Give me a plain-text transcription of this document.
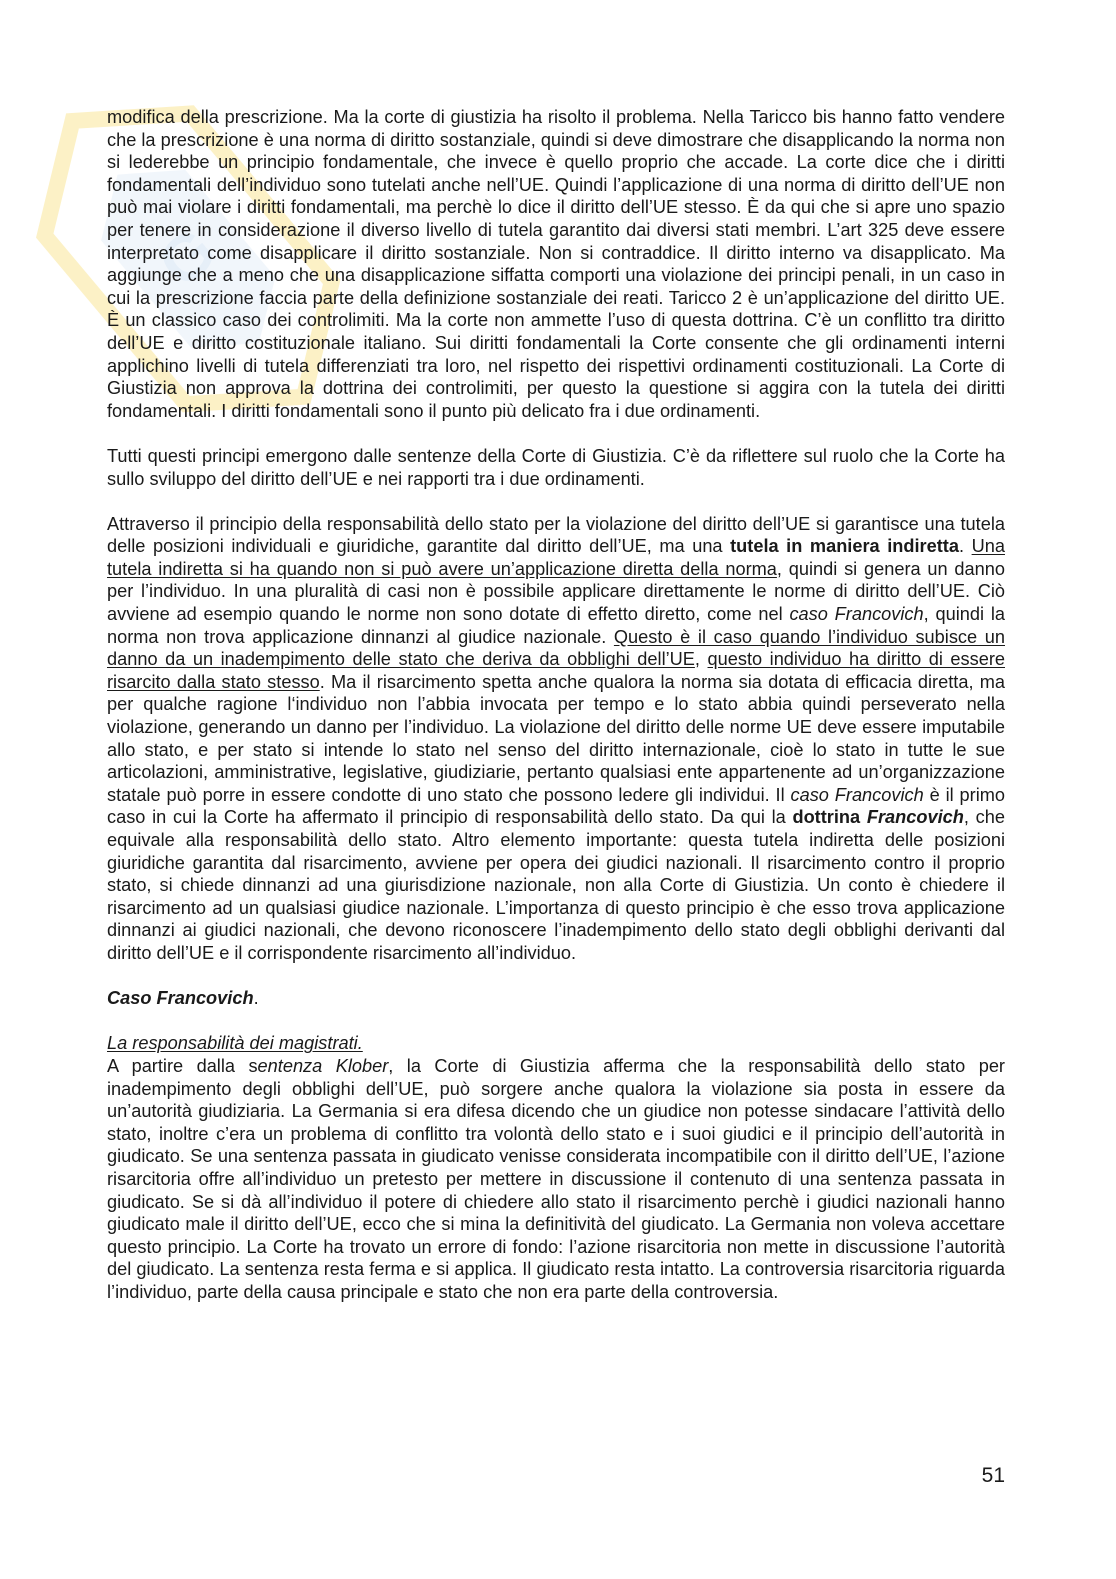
G

modifica della prescrizione. Ma la corte di giustizia ha risolto il problema. Nella Taricco bis hanno fatto vendere che la prescrizione è una norma di diritto sostanziale, quindi si deve dimostrare che disapplicando la norma non si lederebbe un principio fondamentale, che invece è quello proprio che accade. La corte dice che i diritti fondamentali dell’individuo sono tutelati anche nell’UE. Quindi l’applicazione di una norma di diritto dell’UE non può mai violare i diritti fondamentali, ma perchè lo dice il diritto dell’UE stesso. È da qui che si apre uno spazio per tenere in considerazione il diverso livello di tutela garantito dai diversi stati membri. L’art 325 deve essere interpretato come disapplicare il diritto sostanziale. Non si contraddice. Il diritto interno va disapplicato. Ma aggiunge che a meno che una disapplicazione siffatta comporti una violazione dei principi penali, in un caso in cui la prescrizione faccia parte della definizione sostanziale dei reati. Taricco 2 è un’applicazione del diritto UE. È un classico caso dei controlimiti. Ma la corte non ammette l’uso di questa dottrina. C’è un conflitto tra diritto dell’UE e diritto costituzionale italiano. Sui diritti fondamentali la Corte consente che gli ordinamenti interni applichino livelli di tutela differenziati tra loro, nel rispetto dei rispettivi ordinamenti costituzionali. La Corte di Giustizia non approva la dottrina dei controlimiti, per questo la questione si aggira con la tutela dei diritti fondamentali. I diritti fondamentali sono il punto più delicato fra i due ordinamenti.

Tutti questi principi emergono dalle sentenze della Corte di Giustizia. C’è da riflettere sul ruolo che la Corte ha sullo sviluppo del diritto dell’UE e nei rapporti tra i due ordinamenti.

Attraverso il principio della responsabilità dello stato per la violazione del diritto dell’UE si garantisce una tutela delle posizioni individuali e giuridiche, garantite dal diritto dell’UE, ma una tutela in maniera indiretta. Una tutela indiretta si ha quando non si può avere un’applicazione diretta della norma, quindi si genera un danno per l’individuo. In una pluralità di casi non è possibile applicare direttamente le norme di diritto dell’UE. Ciò avviene ad esempio quando le norme non sono dotate di effetto diretto, come nel caso Francovich, quindi la norma non trova applicazione dinnanzi al giudice nazionale. Questo è il caso quando l’individuo subisce un danno da un inadempimento delle stato che deriva da obblighi dell’UE, questo individuo ha diritto di essere risarcito dalla stato stesso. Ma il risarcimento spetta anche qualora la norma sia dotata di efficacia diretta, ma per qualche ragione l‘individuo non l’abbia invocata per tempo e lo stato abbia quindi perseverato nella violazione, generando un danno per l’individuo. La violazione del diritto delle norme UE deve essere imputabile allo stato, e per stato si intende lo stato nel senso del diritto internazionale, cioè lo stato in tutte le sue articolazioni, amministrative, legislative, giudiziarie, pertanto qualsiasi ente appartenente ad un’organizzazione statale può porre in essere condotte di uno stato che possono ledere gli individui. Il caso Francovich è il primo caso in cui la Corte ha affermato il principio di responsabilità dello stato. Da qui la dottrina Francovich, che equivale alla responsabilità dello stato. Altro elemento importante: questa tutela indiretta delle posizioni giuridiche garantita dal risarcimento, avviene per opera dei giudici nazionali. Il risarcimento contro il proprio stato, si chiede dinnanzi ad una giurisdizione nazionale, non alla Corte di Giustizia. Un conto è chiedere il risarcimento ad un qualsiasi giudice nazionale. L’importanza di questo principio è che esso trova applicazione dinnanzi ai giudici nazionali, che devono riconoscere l’inadempimento dello stato degli obblighi derivanti dal diritto dell’UE e il corrispondente risarcimento all’individuo.

Caso Francovich.

La responsabilità dei magistrati.

A partire dalla sentenza Klober, la Corte di Giustizia afferma che la responsabilità dello stato per inadempimento degli obblighi dell’UE, può sorgere anche qualora la violazione sia posta in essere da un’autorità giudiziaria. La Germania si era difesa dicendo che un giudice non potesse sindacare l’attività dello stato, inoltre c’era un problema di conflitto tra volontà dello stato e i suoi giudici e il principio dell’autorità in giudicato. Se una sentenza passata in giudicato venisse considerata incompatibile con il diritto dell’UE, l’azione risarcitoria offre all’individuo un pretesto per mettere in discussione il contenuto di una sentenza passata in giudicato. Se si dà all’individuo il potere di chiedere allo stato il risarcimento perchè i giudici nazionali hanno giudicato male il diritto dell’UE, ecco che si mina la definitività del giudicato. La Germania non voleva accettare questo principio. La Corte ha trovato un errore di fondo: l’azione risarcitoria non mette in discussione l’autorità del giudicato. La sentenza resta ferma e si applica. Il giudicato resta intatto. La controversia risarcitoria riguarda l’individuo, parte della causa principale e stato che non era parte della controversia.

51
